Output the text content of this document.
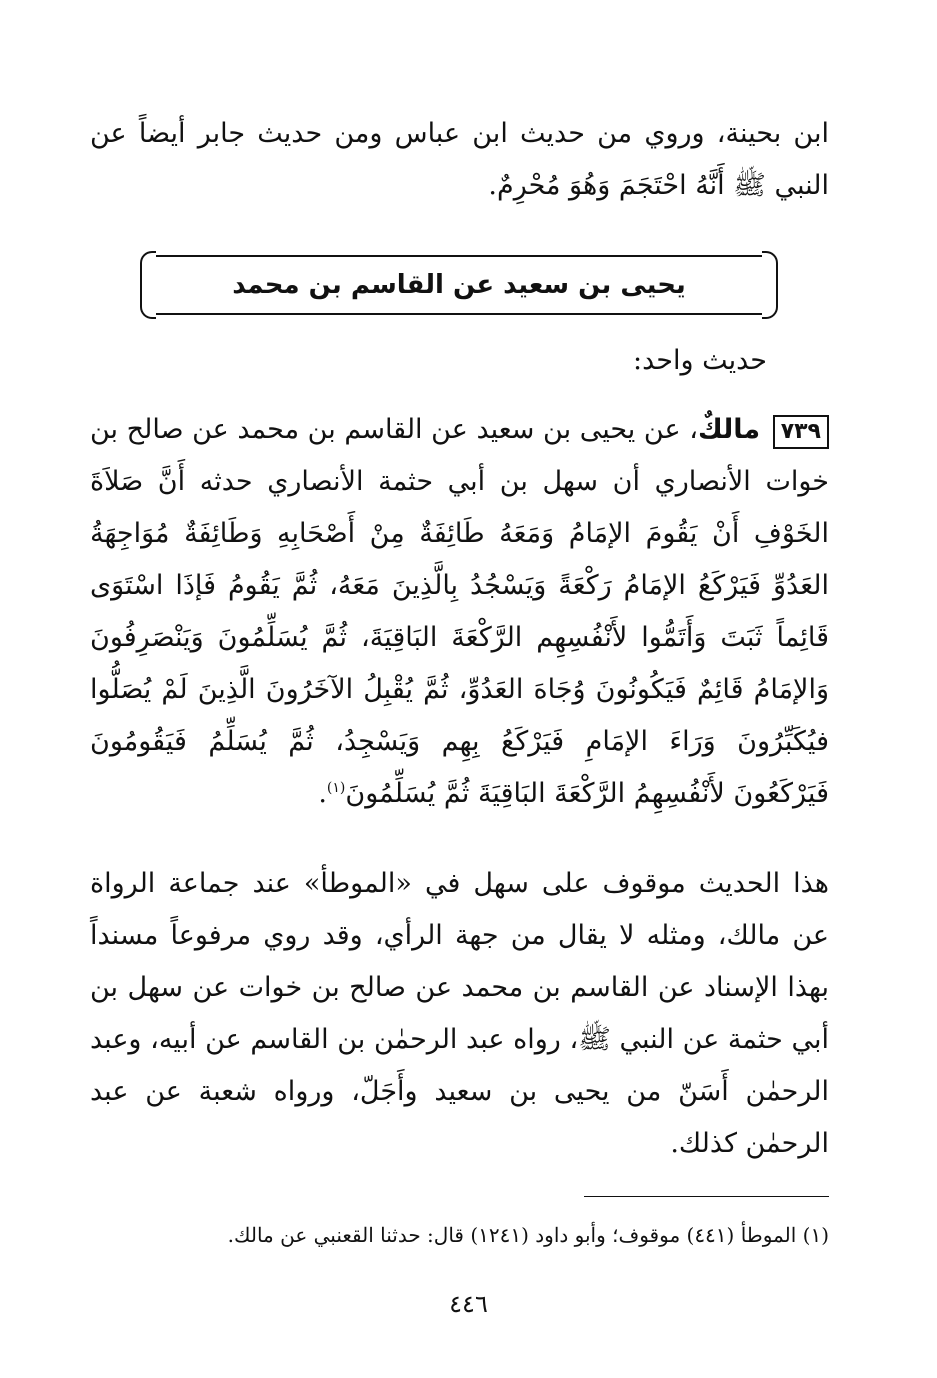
ابن بحينة، وروي من حديث ابن عباس ومن حديث جابر أيضاً عن النبي ﷺ أَنَّهُ احْتَجَمَ وَهُوَ مُحْرِمٌ.
يحيى بن سعيد عن القاسم بن محمد
حديث واحد:
٧٣٩ مالكٌ، عن يحيى بن سعيد عن القاسم بن محمد عن صالح بن خوات الأنصاري أن سهل بن أبي حثمة الأنصاري حدثه أَنَّ صَلاَةَ الخَوْفِ أَنْ يَقُومَ الإمَامُ وَمَعَهُ طَائِفَةٌ مِنْ أَصْحَابِهِ وَطَائِفَةٌ مُوَاجِهَةُ العَدُوِّ فَيَرْكَعُ الإمَامُ رَكْعَةً وَيَسْجُدُ بِالَّذِينَ مَعَهُ، ثُمَّ يَقُومُ فَإذَا اسْتَوَى قَائِماً ثَبَتَ وَأَتَمُّوا لأَنْفُسِهِم الرَّكْعَةَ البَاقِيَةَ، ثُمَّ يُسَلِّمُونَ وَيَنْصَرِفُونَ وَالإمَامُ قَائِمٌ فَيَكُونُونَ وُجَاهَ العَدُوِّ، ثُمَّ يُقْبِلُ الآخَرُونَ الَّذِينَ لَمْ يُصَلُّوا فيُكَبِّرُونَ وَرَاءَ الإمَامِ فَيَرْكَعُ بِهِم وَيَسْجِدُ، ثُمَّ يُسَلِّمُ فَيَقُومُونَ فَيَرْكَعُونَ لأَنْفُسِهِمُ الرَّكْعَةَ البَاقِيَةَ ثُمَّ يُسَلِّمُونَ$^{(١)}$.
هذا الحديث موقوف على سهل في «الموطأ» عند جماعة الرواة عن مالك، ومثله لا يقال من جهة الرأي، وقد روي مرفوعاً مسنداً بهذا الإسناد عن القاسم بن محمد عن صالح بن خوات عن سهل بن أبي حثمة عن النبي ﷺ، رواه عبد الرحمٰن بن القاسم عن أبيه، وعبد الرحمٰن أَسَنّ من يحيى بن سعيد وأَجَلّ، ورواه شعبة عن عبد الرحمٰن كذلك.
(١) الموطأ (٤٤١) موقوف؛ وأبو داود (١٢٤١) قال: حدثنا القعنبي عن مالك.
٤٤٦
